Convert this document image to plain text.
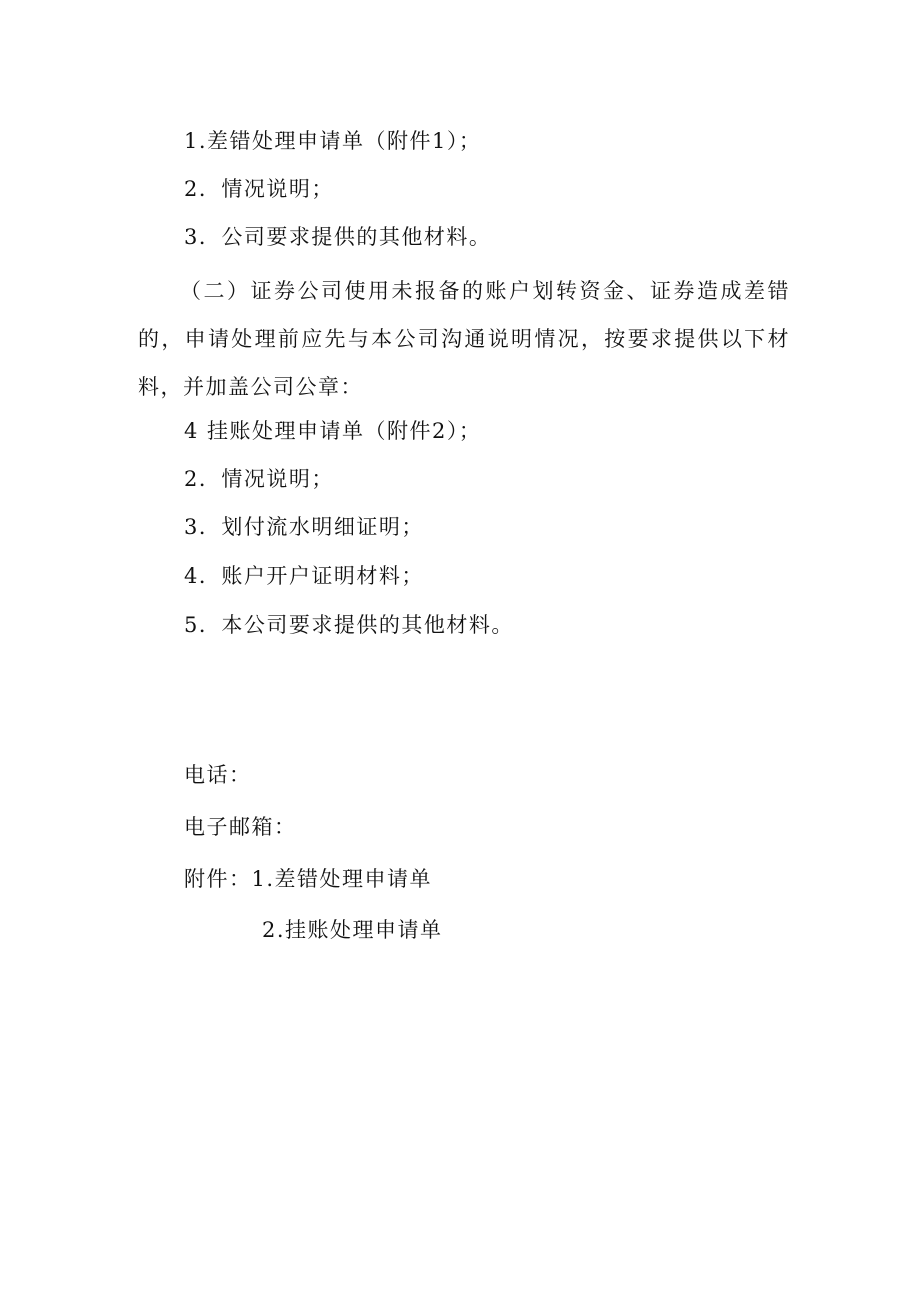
1.差错处理申请单（附件1）；
2．情况说明；
3．公司要求提供的其他材料。
（二）证券公司使用未报备的账户划转资金、证券造成差错的，申请处理前应先与本公司沟通说明情况，按要求提供以下材料，并加盖公司公章：
4 挂账处理申请单（附件2）；
2．情况说明；
3．划付流水明细证明；
4．账户开户证明材料；
5．本公司要求提供的其他材料。
电话：
电子邮箱：
附件：1.差错处理申请单
2.挂账处理申请单
